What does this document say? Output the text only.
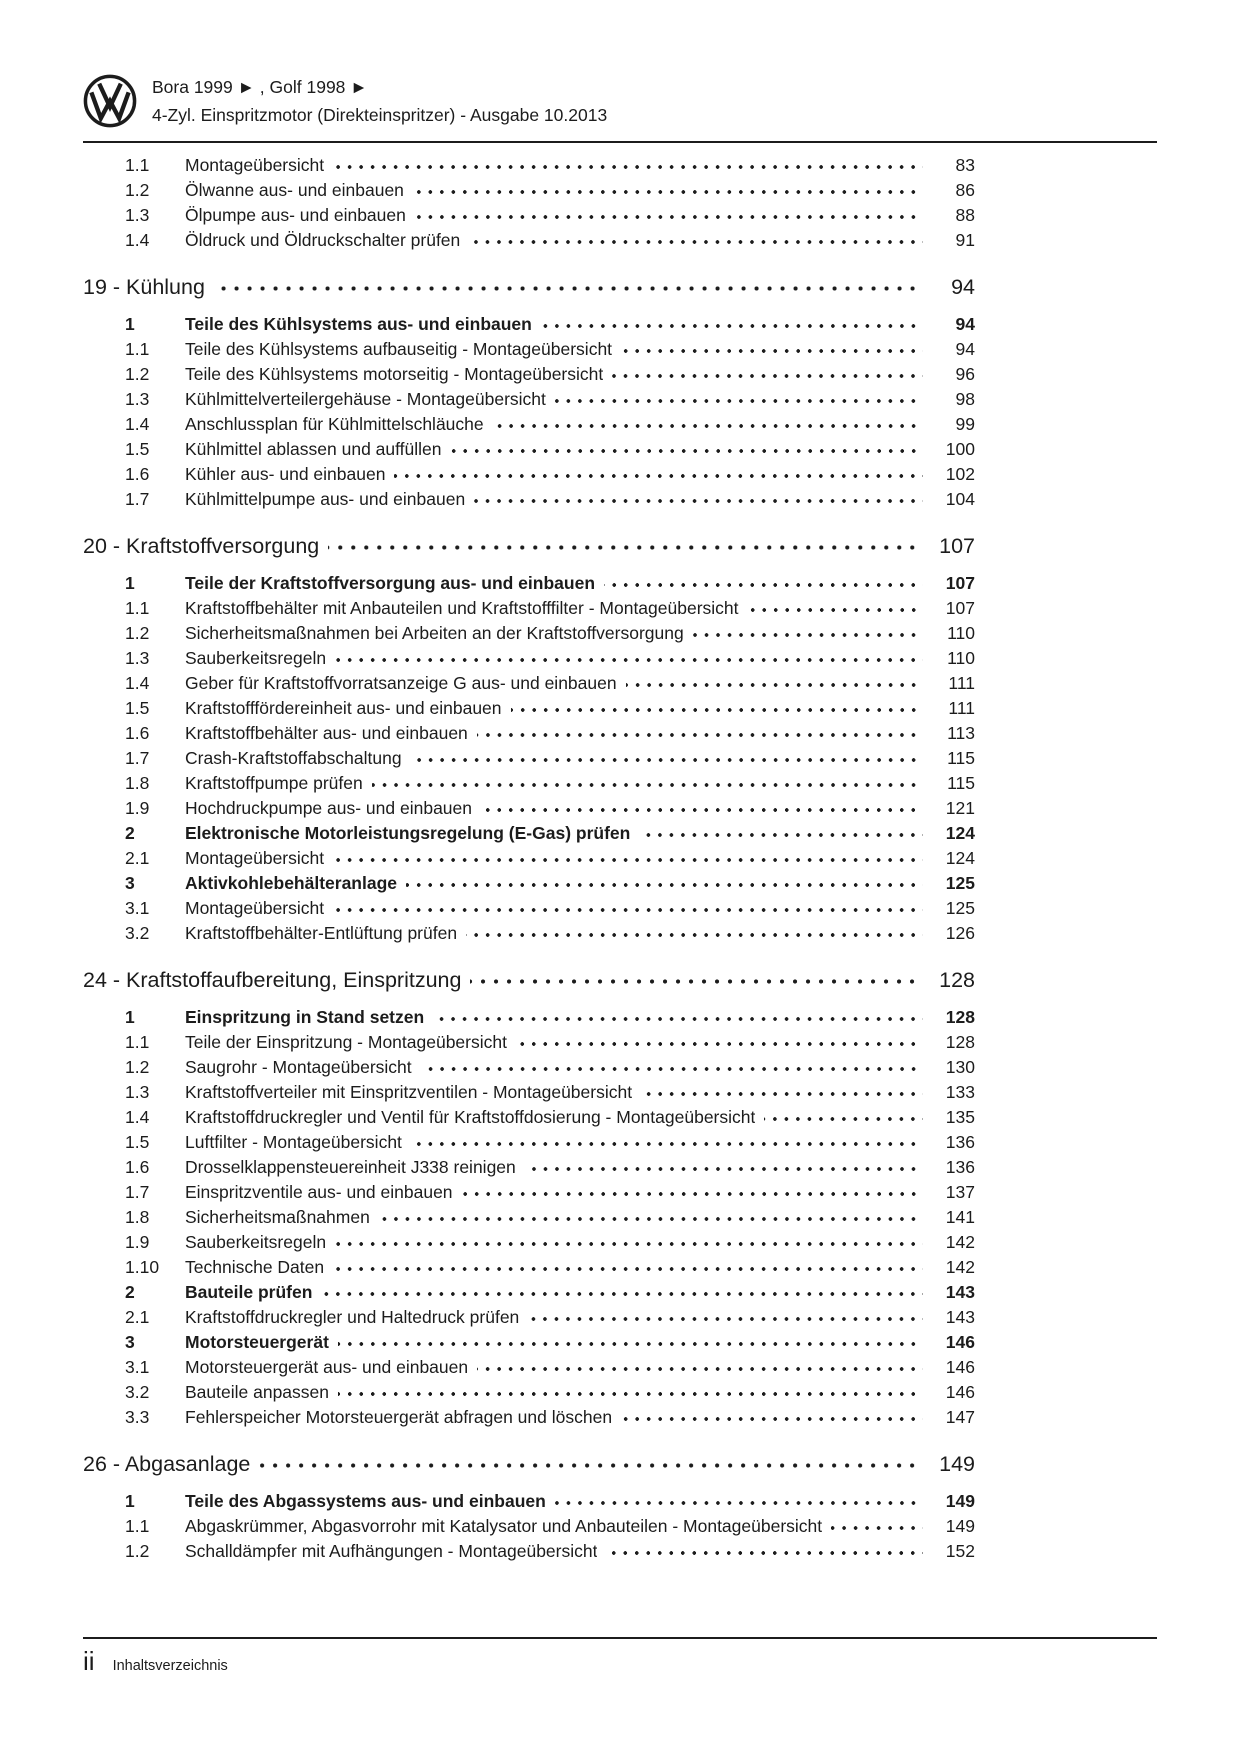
Bora 1999 ► , Golf 1998 ►
4-Zyl. Einspritzmotor (Direkteinspritzer) - Ausgabe 10.2013
1.1	Montageübersicht	83
1.2	Ölwanne aus- und einbauen	86
1.3	Ölpumpe aus- und einbauen	88
1.4	Öldruck und Öldruckschalter prüfen	91
19 - Kühlung	94
1	Teile des Kühlsystems aus- und einbauen	94
1.1	Teile des Kühlsystems aufbauseitig - Montageübersicht	94
1.2	Teile des Kühlsystems motorseitig - Montageübersicht	96
1.3	Kühlmittelverteilergehäuse - Montageübersicht	98
1.4	Anschlussplan für Kühlmittelschläuche	99
1.5	Kühlmittel ablassen und auffüllen	100
1.6	Kühler aus- und einbauen	102
1.7	Kühlmittelpumpe aus- und einbauen	104
20 - Kraftstoffversorgung	107
1	Teile der Kraftstoffversorgung aus- und einbauen	107
1.1	Kraftstoffbehälter mit Anbauteilen und Kraftstofffilter - Montageübersicht	107
1.2	Sicherheitsmaßnahmen bei Arbeiten an der Kraftstoffversorgung	110
1.3	Sauberkeitsregeln	110
1.4	Geber für Kraftstoffvorratsanzeige G aus- und einbauen	111
1.5	Kraftstofffördereinheit aus- und einbauen	111
1.6	Kraftstoffbehälter aus- und einbauen	113
1.7	Crash-Kraftstoffabschaltung	115
1.8	Kraftstoffpumpe prüfen	115
1.9	Hochdruckpumpe aus- und einbauen	121
2	Elektronische Motorleistungsregelung (E-Gas) prüfen	124
2.1	Montageübersicht	124
3	Aktivkohlebehälteranlage	125
3.1	Montageübersicht	125
3.2	Kraftstoffbehälter-Entlüftung prüfen	126
24 - Kraftstoffaufbereitung, Einspritzung	128
1	Einspritzung in Stand setzen	128
1.1	Teile der Einspritzung - Montageübersicht	128
1.2	Saugrohr - Montageübersicht	130
1.3	Kraftstoffverteiler mit Einspritzventilen - Montageübersicht	133
1.4	Kraftstoffdruckregler und Ventil für Kraftstoffdosierung - Montageübersicht	135
1.5	Luftfilter - Montageübersicht	136
1.6	Drosselklappensteuereinheit J338 reinigen	136
1.7	Einspritzventile aus- und einbauen	137
1.8	Sicherheitsmaßnahmen	141
1.9	Sauberkeitsregeln	142
1.10	Technische Daten	142
2	Bauteile prüfen	143
2.1	Kraftstoffdruckregler und Haltedruck prüfen	143
3	Motorsteuergerät	146
3.1	Motorsteuergerät aus- und einbauen	146
3.2	Bauteile anpassen	146
3.3	Fehlerspeicher Motorsteuergerät abfragen und löschen	147
26 - Abgasanlage	149
1	Teile des Abgassystems aus- und einbauen	149
1.1	Abgaskrümmer, Abgasvorrohr mit Katalysator und Anbauteilen - Montageübersicht	149
1.2	Schalldämpfer mit Aufhängungen - Montageübersicht	152
ii Inhaltsverzeichnis
